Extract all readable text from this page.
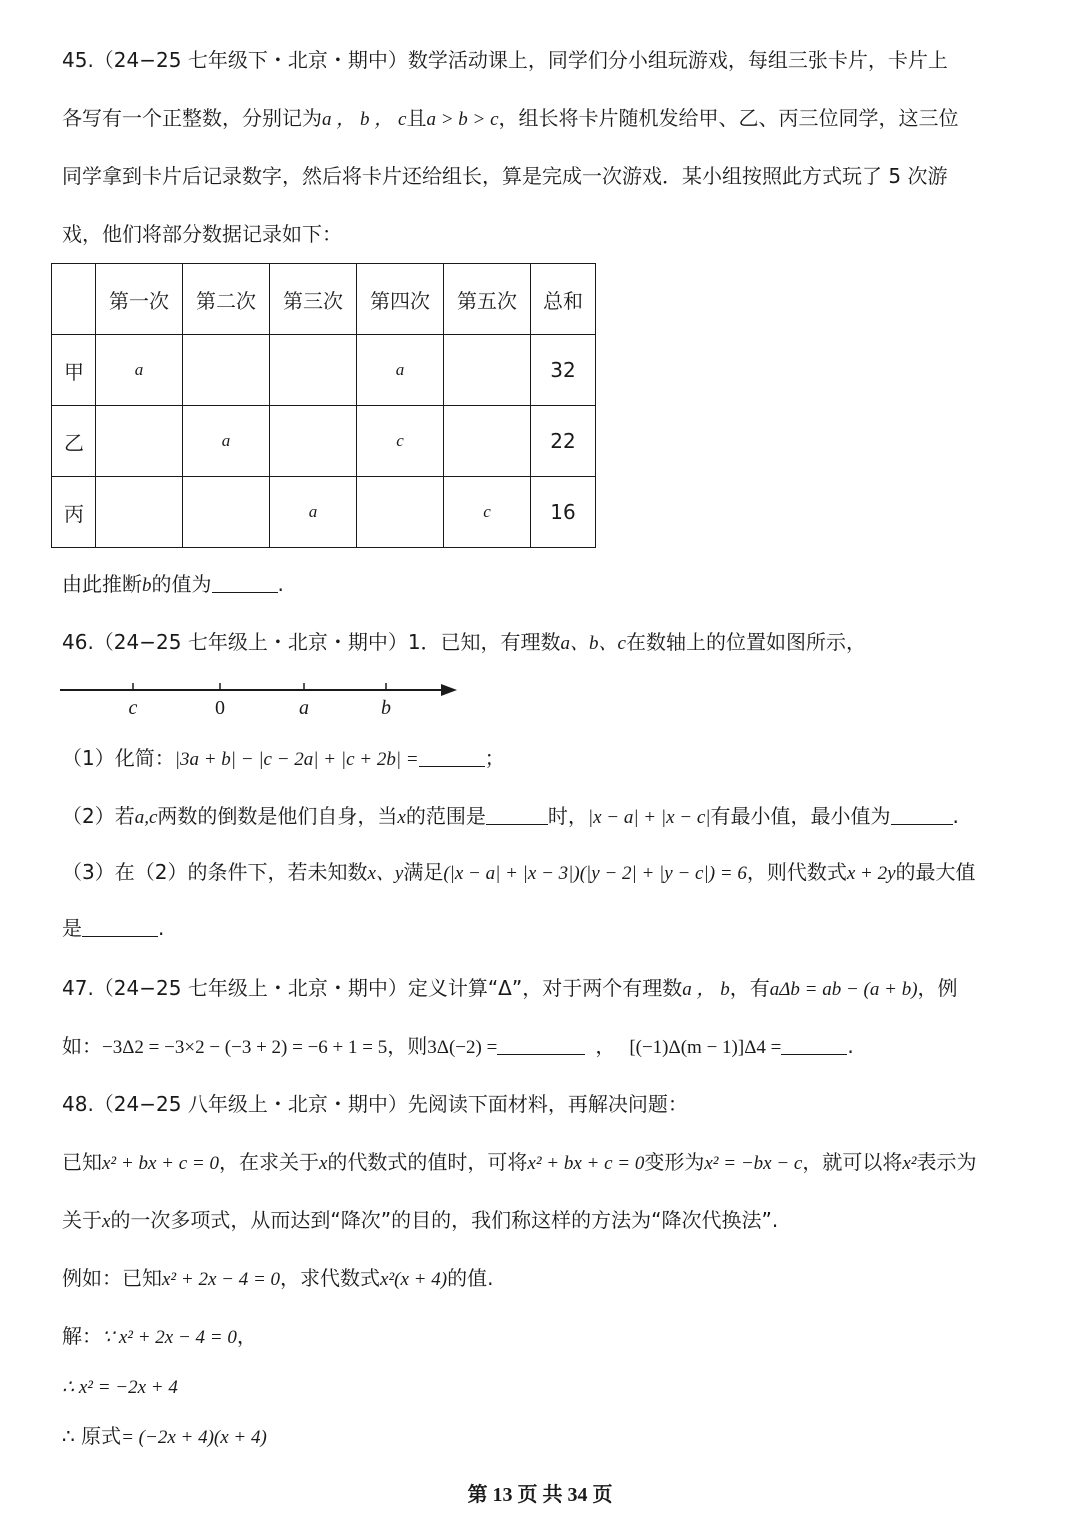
45.（24−25 七年级下・北京・期中）数学活动课上，同学们分小组玩游戏，每组三张卡片，卡片上
各写有一个正整数，分别记为a ， b ， c且a > b > c，组长将卡片随机发给甲、乙、丙三位同学，这三位
同学拿到卡片后记录数字，然后将卡片还给组长，算是完成一次游戏．某小组按照此方式玩了 5 次游
戏，他们将部分数据记录如下：
	第一次	第二次	第三次	第四次	第五次	总和
甲	a			a		32
乙		a		c		22
丙			a		c	16
由此推断b的值为	.
46.（24−25 七年级上・北京・期中）1．已知，有理数a、b、c在数轴上的位置如图所示，
c	0	a	b
（1）化简：|3a + b| − |c − 2a| + |c + 2b| =	；
（2）若a,c两数的倒数是他们自身，当x的范围是	时，|x − a| + |x − c|有最小值，最小值为	.
（3）在（2）的条件下，若未知数x、y满足(|x − a| + |x − 3|)(|y − 2| + |y − c|) = 6，则代数式x + 2y的最大值
是	.
47.（24−25 七年级上・北京・期中）定义计算“Δ”，对于两个有理数a ， b，有aΔb = ab − (a + b)，例
如：−3Δ2 = −3×2 − (−3 + 2) = −6 + 1 = 5，则3Δ(−2) =	， [(−1)Δ(m − 1)]Δ4 =	.
48.（24−25 八年级上・北京・期中）先阅读下面材料，再解决问题：
已知x² + bx + c = 0，在求关于x的代数式的值时，可将x² + bx + c = 0变形为x² = −bx − c，就可以将x²表示为
关于x的一次多项式，从而达到“降次”的目的，我们称这样的方法为“降次代换法”.
例如：已知x² + 2x − 4 = 0，求代数式x²(x + 4)的值.
解：∵ x² + 2x − 4 = 0，
∴ x² = −2x + 4
∴ 原式= (−2x + 4)(x + 4)
第 13 页 共 34 页
